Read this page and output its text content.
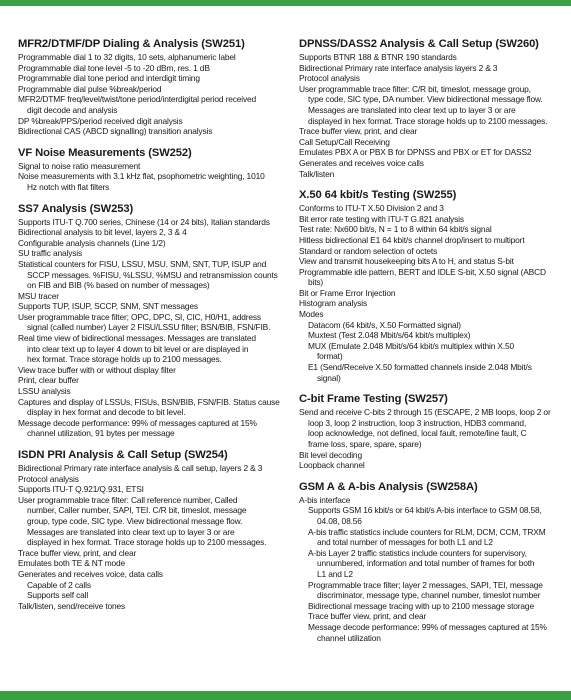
MFR2/DTMF/DP Dialing & Analysis (SW251)
Programmable dial 1 to 32 digits, 10 sets, alphanumeric label
Programmable dial tone level -5 to -20 dBm, res. 1 dB
Programmable dial tone period and interdigit timing
Programmable dial pulse %break/period
MFR2/DTMF freq/level/twist/tone period/interdigital period received
digit decode and analysis
DP %break/PPS/period received digit analysis
Bidirectional CAS (ABCD signalling) transition analysis
VF Noise Measurements (SW252)
Signal to noise ratio measurement
Noise measurements with 3.1 kHz flat, psophometric weighting, 1010
Hz notch with flat filters
SS7 Analysis (SW253)
Supports ITU-T Q.700 series, Chinese (14 or 24 bits), Italian standards
Bidirectional analysis to bit level, layers 2, 3 & 4
Configurable analysis channels (Line 1/2)
SU traffic analysis
Statistical counters for FISU, LSSU, MSU, SNM, SNT, TUP, ISUP and
SCCP messages. %FISU, %LSSU, %MSU and retransmission counts
on FIB and BIB (% based on number of messages)
MSU tracer
Supports TUP, ISUP, SCCP, SNM, SNT messages
User programmable trace filter; OPC, DPC, SI, CIC, H0/H1, address
signal (called number) Layer 2 FISU/LSSU filter; BSN/BIB, FSN/FIB.
Real time view of bidirectional messages. Messages are translated
into clear text up to layer 4 down to bit level or are displayed in
hex format. Trace storage holds up to 2100 messages.
View trace buffer with or without display filter
Print, clear buffer
LSSU analysis
Captures and display of LSSUs, FISUs, BSN/BIB, FSN/FIB. Status cause
display in hex format and decode to bit level.
Message decode performance: 99% of messages captured at 15%
channel utilization, 91 bytes per message
ISDN PRI Analysis & Call Setup (SW254)
Bidirectional Primary rate interface analysis & call setup, layers 2 & 3
Protocol analysis
Supports ITU-T Q.921/Q.931, ETSI
User programmable trace filter: Call reference number, Called
number, Caller number, SAPI, TEI. C/R bit, timeslot, message
group, type code, SIC type. View bidirectional message flow.
Messages are translated into clear text up to layer 3 or are
displayed in hex format. Trace storage holds up to 2100 messages.
Trace buffer view, print, and clear
Emulates both TE & NT mode
Generates and receives voice, data calls
Capable of 2 calls
Supports self call
Talk/listen, send/receive tones
DPNSS/DASS2 Analysis & Call Setup (SW260)
Supports BTNR 188 & BTNR 190 standards
Bidirectional Primary rate interface analysis layers 2 & 3
Protocol analysis
User programmable trace filter: C/R bit, timeslot, message group,
type code, SIC type, DA number. View bidirectional message flow.
Messages are translated into clear text up to layer 3 or are
displayed in hex format. Trace storage holds up to 2100 messages.
Trace buffer view, print, and clear
Call Setup/Call Receiving
Emulates PBX A or PBX B for DPNSS and PBX or ET for DASS2
Generates and receives voice calls
Talk/listen
X.50 64 kbit/s Testing (SW255)
Conforms to ITU-T X.50 Division 2 and 3
Bit error rate testing with ITU-T G.821 analysis
Test rate: Nx600 bit/s, N = 1 to 8 within 64 kbit/s signal
Hitless bidirectional E1 64 kbit/s channel drop/insert to multiport
Standard or random selection of octets
View and transmit housekeeping bits A to H, and status S-bit
Programmable idle pattern, BERT and IDLE S-bit, X.50 signal (ABCD
bits)
Bit or Frame Error Injection
Histogram analysis
Modes
Datacom (64 kbit/s, X.50 Formatted signal)
Muxtest (Test 2.048 Mbit/s/64 kbit/s multiplex)
MUX (Emulate 2.048 Mbit/s/64 kbit/s multiplex within X.50
format)
E1 (Send/Receive X.50 formatted channels inside 2.048 Mbit/s
signal)
C-bit Frame Testing (SW257)
Send and receive C-bits 2 through 15 (ESCAPE, 2 MB loops, loop 2 or
loop 3, loop 2 instruction, loop 3 instruction, HDB3 command,
loop acknowledge, not defined, local fault, remote/line fault, C
frame loss, spare, spare, spare)
Bit level decoding
Loopback channel
GSM A & A-bis Analysis (SW258A)
A-bis interface
Supports GSM 16 kbit/s or 64 kbit/s A-bis interface to GSM 08.58,
04.08, 08.56
A-bis traffic statistics include counters for RLM, DCM, CCM, TRXM
and total number of messages for both L1 and L2
A-bis Layer 2 traffic statistics include counters for supervisory,
unnumbered, information and total number of frames for both
L1 and L2
Programmable trace filter; layer 2 messages, SAPI, TEI, message
discriminator, message type, channel number, timeslot number
Bidirectional message tracing with up to 2100 message storage
Trace buffer view, print, and clear
Message decode performance: 99% of messages captured at 15%
channel utilization
